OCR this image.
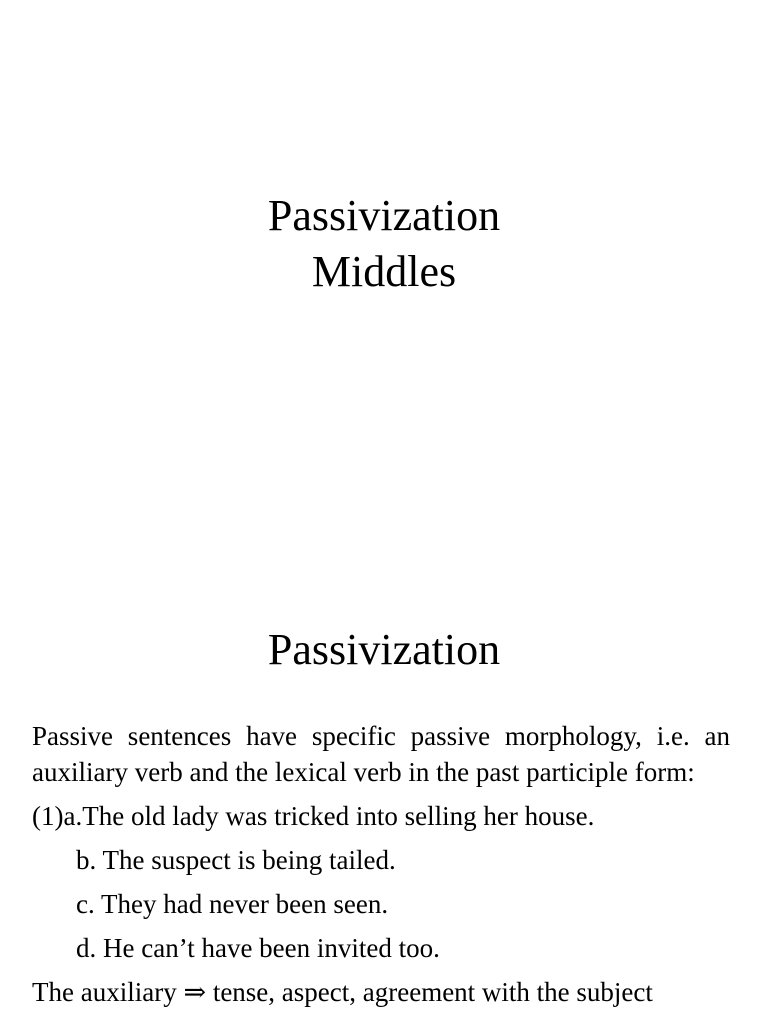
Passivization
Middles
Passivization

Passive sentences have specific passive morphology, i.e. an auxiliary verb and the lexical verb in the past participle form:

(1)a.The old lady was tricked into selling her house.

b. The suspect is being tailed.

c. They had never been seen.

d. He can’t have been invited too.

The auxiliary ⇒ tense, aspect, agreement with the subject
